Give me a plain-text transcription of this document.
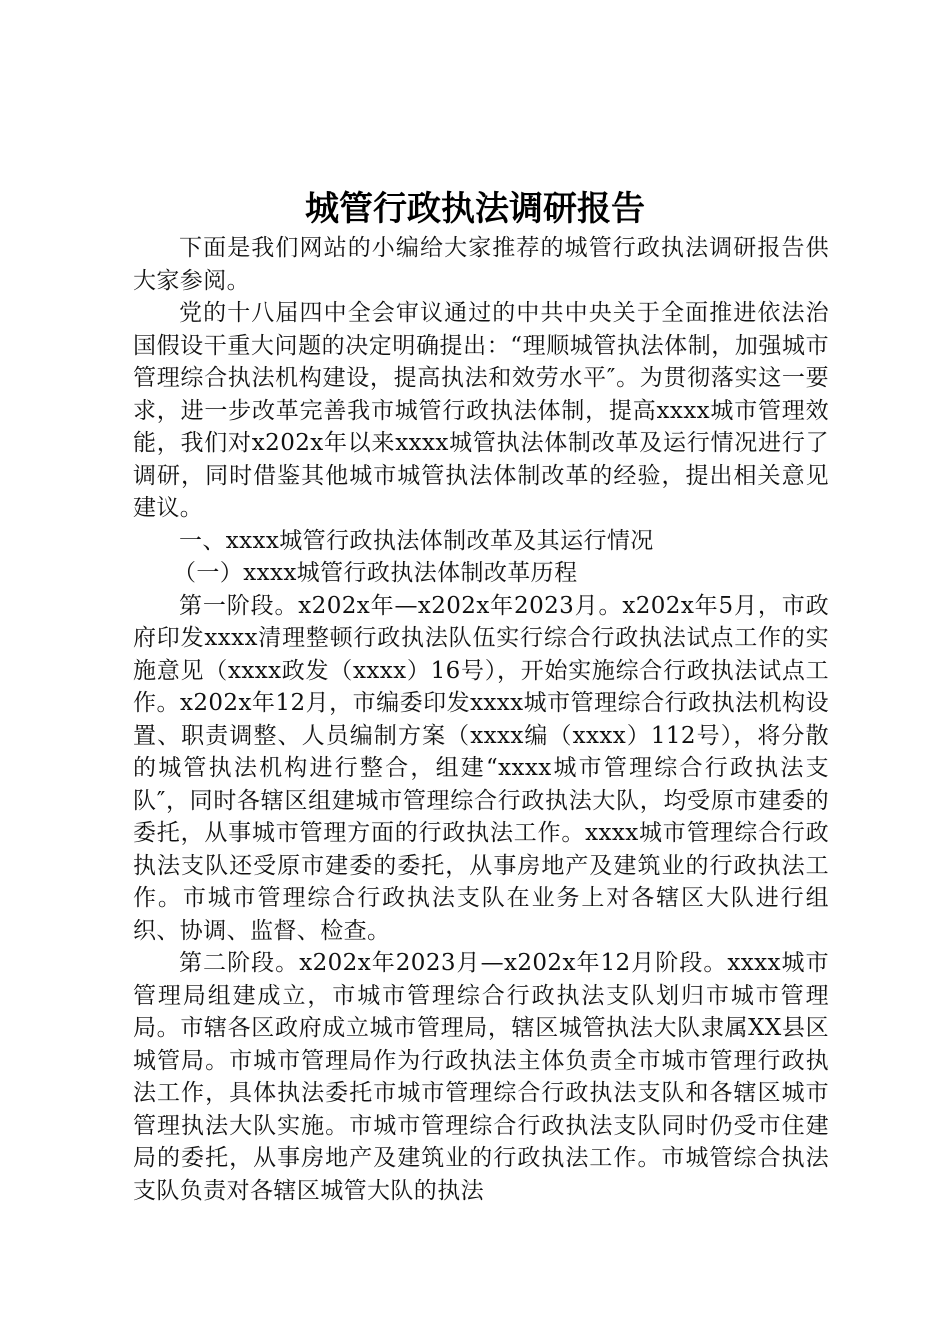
城管行政执法调研报告

下面是我们网站的小编给大家推荐的城管行政执法调研报告供大家参阅。

党的十八届四中全会审议通过的中共中央关于全面推进依法治国假设干重大问题的决定明确提出：“理顺城管执法体制，加强城市管理综合执法机构建设，提高执法和效劳水平″。为贯彻落实这一要求，进一步改革完善我市城管行政执法体制，提高xxxx城市管理效能，我们对x202x年以来xxxx城管执法体制改革及运行情况进行了调研，同时借鉴其他城市城管执法体制改革的经验，提出相关意见建议。

一、xxxx城管行政执法体制改革及其运行情况

（一）xxxx城管行政执法体制改革历程

第一阶段。x202x年—x202x年2023月。x202x年5月，市政府印发xxxx清理整顿行政执法队伍实行综合行政执法试点工作的实施意见（xxxx政发（xxxx）16号），开始实施综合行政执法试点工作。x202x年12月，市编委印发xxxx城市管理综合行政执法机构设置、职责调整、人员编制方案（xxxx编（xxxx）112号），将分散的城管执法机构进行整合，组建“xxxx城市管理综合行政执法支队″，同时各辖区组建城市管理综合行政执法大队，均受原市建委的委托，从事城市管理方面的行政执法工作。xxxx城市管理综合行政执法支队还受原市建委的委托，从事房地产及建筑业的行政执法工作。市城市管理综合行政执法支队在业务上对各辖区大队进行组织、协调、监督、检查。

第二阶段。x202x年2023月—x202x年12月阶段。xxxx城市管理局组建成立，市城市管理综合行政执法支队划归市城市管理局。市辖各区政府成立城市管理局，辖区城管执法大队隶属XX县区城管局。市城市管理局作为行政执法主体负责全市城市管理行政执法工作，具体执法委托市城市管理综合行政执法支队和各辖区城市管理执法大队实施。市城市管理综合行政执法支队同时仍受市住建局的委托，从事房地产及建筑业的行政执法工作。市城管综合执法支队负责对各辖区城管大队的执法
